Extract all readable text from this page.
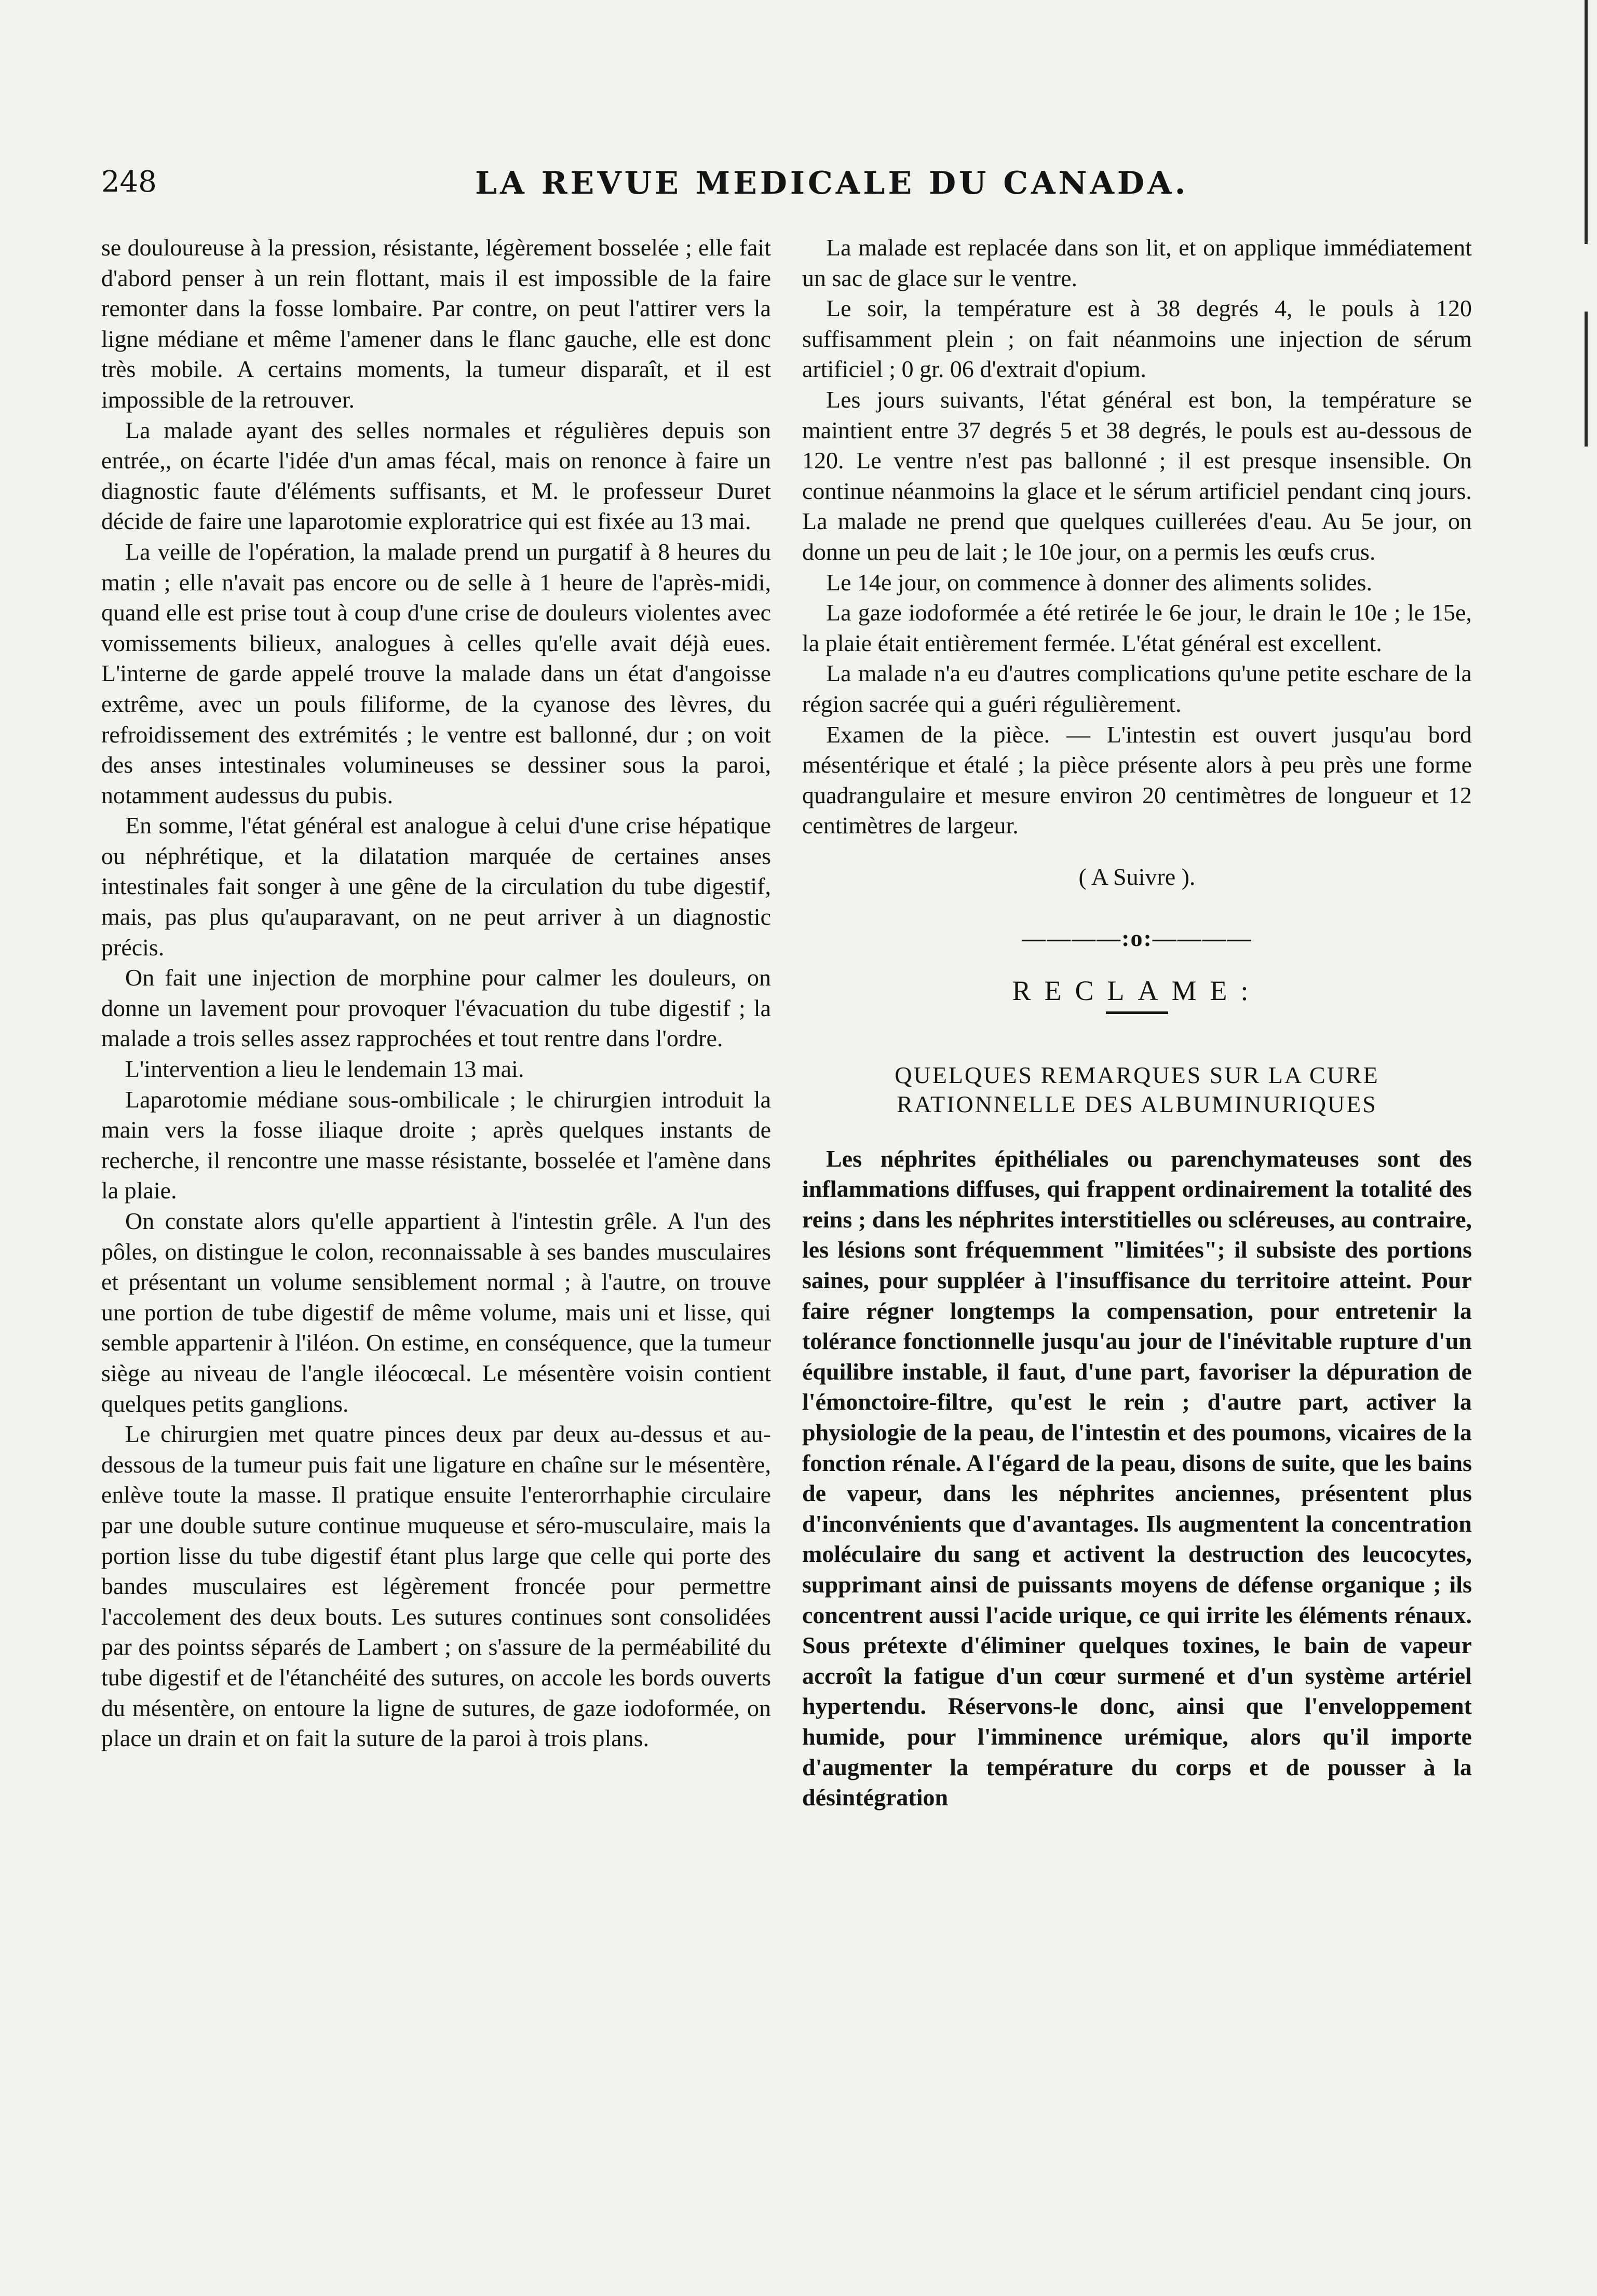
248	LA REVUE MEDICALE DU CANADA.

se douloureuse à la pression, résistante, légèrement bosselée ; elle fait d'abord penser à un rein flottant, mais il est impossible de la faire remonter dans la fosse lombaire. Par contre, on peut l'attirer vers la ligne médiane et même l'amener dans le flanc gauche, elle est donc très mobile. A certains moments, la tumeur disparaît, et il est impossible de la retrouver.

La malade ayant des selles normales et régulières depuis son entrée,, on écarte l'idée d'un amas fécal, mais on renonce à faire un diagnostic faute d'éléments suffisants, et M. le professeur Duret décide de faire une laparotomie exploratrice qui est fixée au 13 mai.

La veille de l'opération, la malade prend un purgatif à 8 heures du matin ; elle n'avait pas encore ou de selle à 1 heure de l'après-midi, quand elle est prise tout à coup d'une crise de douleurs violentes avec vomissements bilieux, analogues à celles qu'elle avait déjà eues. L'interne de garde appelé trouve la malade dans un état d'angoisse extrême, avec un pouls filiforme, de la cyanose des lèvres, du refroidissement des extrémités ; le ventre est ballonné, dur ; on voit des anses intestinales volumineuses se dessiner sous la paroi, notamment audessus du pubis.

En somme, l'état général est analogue à celui d'une crise hépatique ou néphrétique, et la dilatation marquée de certaines anses intestinales fait songer à une gêne de la circulation du tube digestif, mais, pas plus qu'auparavant, on ne peut arriver à un diagnostic précis.

On fait une injection de morphine pour calmer les douleurs, on donne un lavement pour provoquer l'évacuation du tube digestif ; la malade a trois selles assez rapprochées et tout rentre dans l'ordre.

L'intervention a lieu le lendemain 13 mai.

Laparotomie médiane sous-ombilicale ; le chirurgien introduit la main vers la fosse iliaque droite ; après quelques instants de recherche, il rencontre une masse résistante, bosselée et l'amène dans la plaie.

On constate alors qu'elle appartient à l'intestin grêle. A l'un des pôles, on distingue le colon, reconnaissable à ses bandes musculaires et présentant un volume sensiblement normal ; à l'autre, on trouve une portion de tube digestif de même volume, mais uni et lisse, qui semble appartenir à l'iléon. On estime, en conséquence, que la tumeur siège au niveau de l'angle iléocœcal. Le mésentère voisin contient quelques petits ganglions.

Le chirurgien met quatre pinces deux par deux au-dessus et au-dessous de la tumeur puis fait une ligature en chaîne sur le mésentère, enlève toute la masse. Il pratique ensuite l'enterorrhaphie circulaire par une double suture continue muqueuse et séro-musculaire, mais la portion lisse du tube digestif étant plus large que celle qui porte des bandes musculaires est légèrement froncée pour permettre l'accolement des deux bouts. Les sutures continues sont consolidées par des pointss séparés de Lambert ; on s'assure de la perméabilité du tube digestif et de l'étanchéité des sutures, on accole les bords ouverts du mésentère, on entoure la ligne de sutures, de gaze iodoformée, on place un drain et on fait la suture de la paroi à trois plans.

La malade est replacée dans son lit, et on applique immédiatement un sac de glace sur le ventre.

Le soir, la température est à 38 degrés 4, le pouls à 120 suffisamment plein ; on fait néanmoins une injection de sérum artificiel ; 0 gr. 06 d'extrait d'opium.

Les jours suivants, l'état général est bon, la température se maintient entre 37 degrés 5 et 38 degrés, le pouls est au-dessous de 120. Le ventre n'est pas ballonné ; il est presque insensible. On continue néanmoins la glace et le sérum artificiel pendant cinq jours. La malade ne prend que quelques cuillerées d'eau. Au 5e jour, on donne un peu de lait ; le 10e jour, on a permis les œufs crus.

Le 14e jour, on commence à donner des aliments solides.

La gaze iodoformée a été retirée le 6e jour, le drain le 10e ; le 15e, la plaie était entièrement fermée. L'état général est excellent.

La malade n'a eu d'autres complications qu'une petite eschare de la région sacrée qui a guéri régulièrement.

Examen de la pièce. — L'intestin est ouvert jusqu'au bord mésentérique et étalé ; la pièce présente alors à peu près une forme quadrangulaire et mesure environ 20 centimètres de longueur et 12 centimètres de largeur.

( A Suivre ).

————:o:————

RECLAME:
QUELQUES REMARQUES SUR LA CURE RATIONNELLE DES ALBUMINURIQUES

Les néphrites épithéliales ou parenchymateuses sont des inflammations diffuses, qui frappent ordinairement la totalité des reins ; dans les néphrites interstitielles ou scléreuses, au contraire, les lésions sont fréquemment "limitées"; il subsiste des portions saines, pour suppléer à l'insuffisance du territoire atteint. Pour faire régner longtemps la compensation, pour entretenir la tolérance fonctionnelle jusqu'au jour de l'inévitable rupture d'un équilibre instable, il faut, d'une part, favoriser la dépuration de l'émonctoire-filtre, qu'est le rein ; d'autre part, activer la physiologie de la peau, de l'intestin et des poumons, vicaires de la fonction rénale. A l'égard de la peau, disons de suite, que les bains de vapeur, dans les néphrites anciennes, présentent plus d'inconvénients que d'avantages. Ils augmentent la concentration moléculaire du sang et activent la destruction des leucocytes, supprimant ainsi de puissants moyens de défense organique ; ils concentrent aussi l'acide urique, ce qui irrite les éléments rénaux. Sous prétexte d'éliminer quelques toxines, le bain de vapeur accroît la fatigue d'un cœur surmené et d'un système artériel hypertendu. Réservons-le donc, ainsi que l'enveloppement humide, pour l'imminence urémique, alors qu'il importe d'augmenter la température du corps et de pousser à la désintégration
